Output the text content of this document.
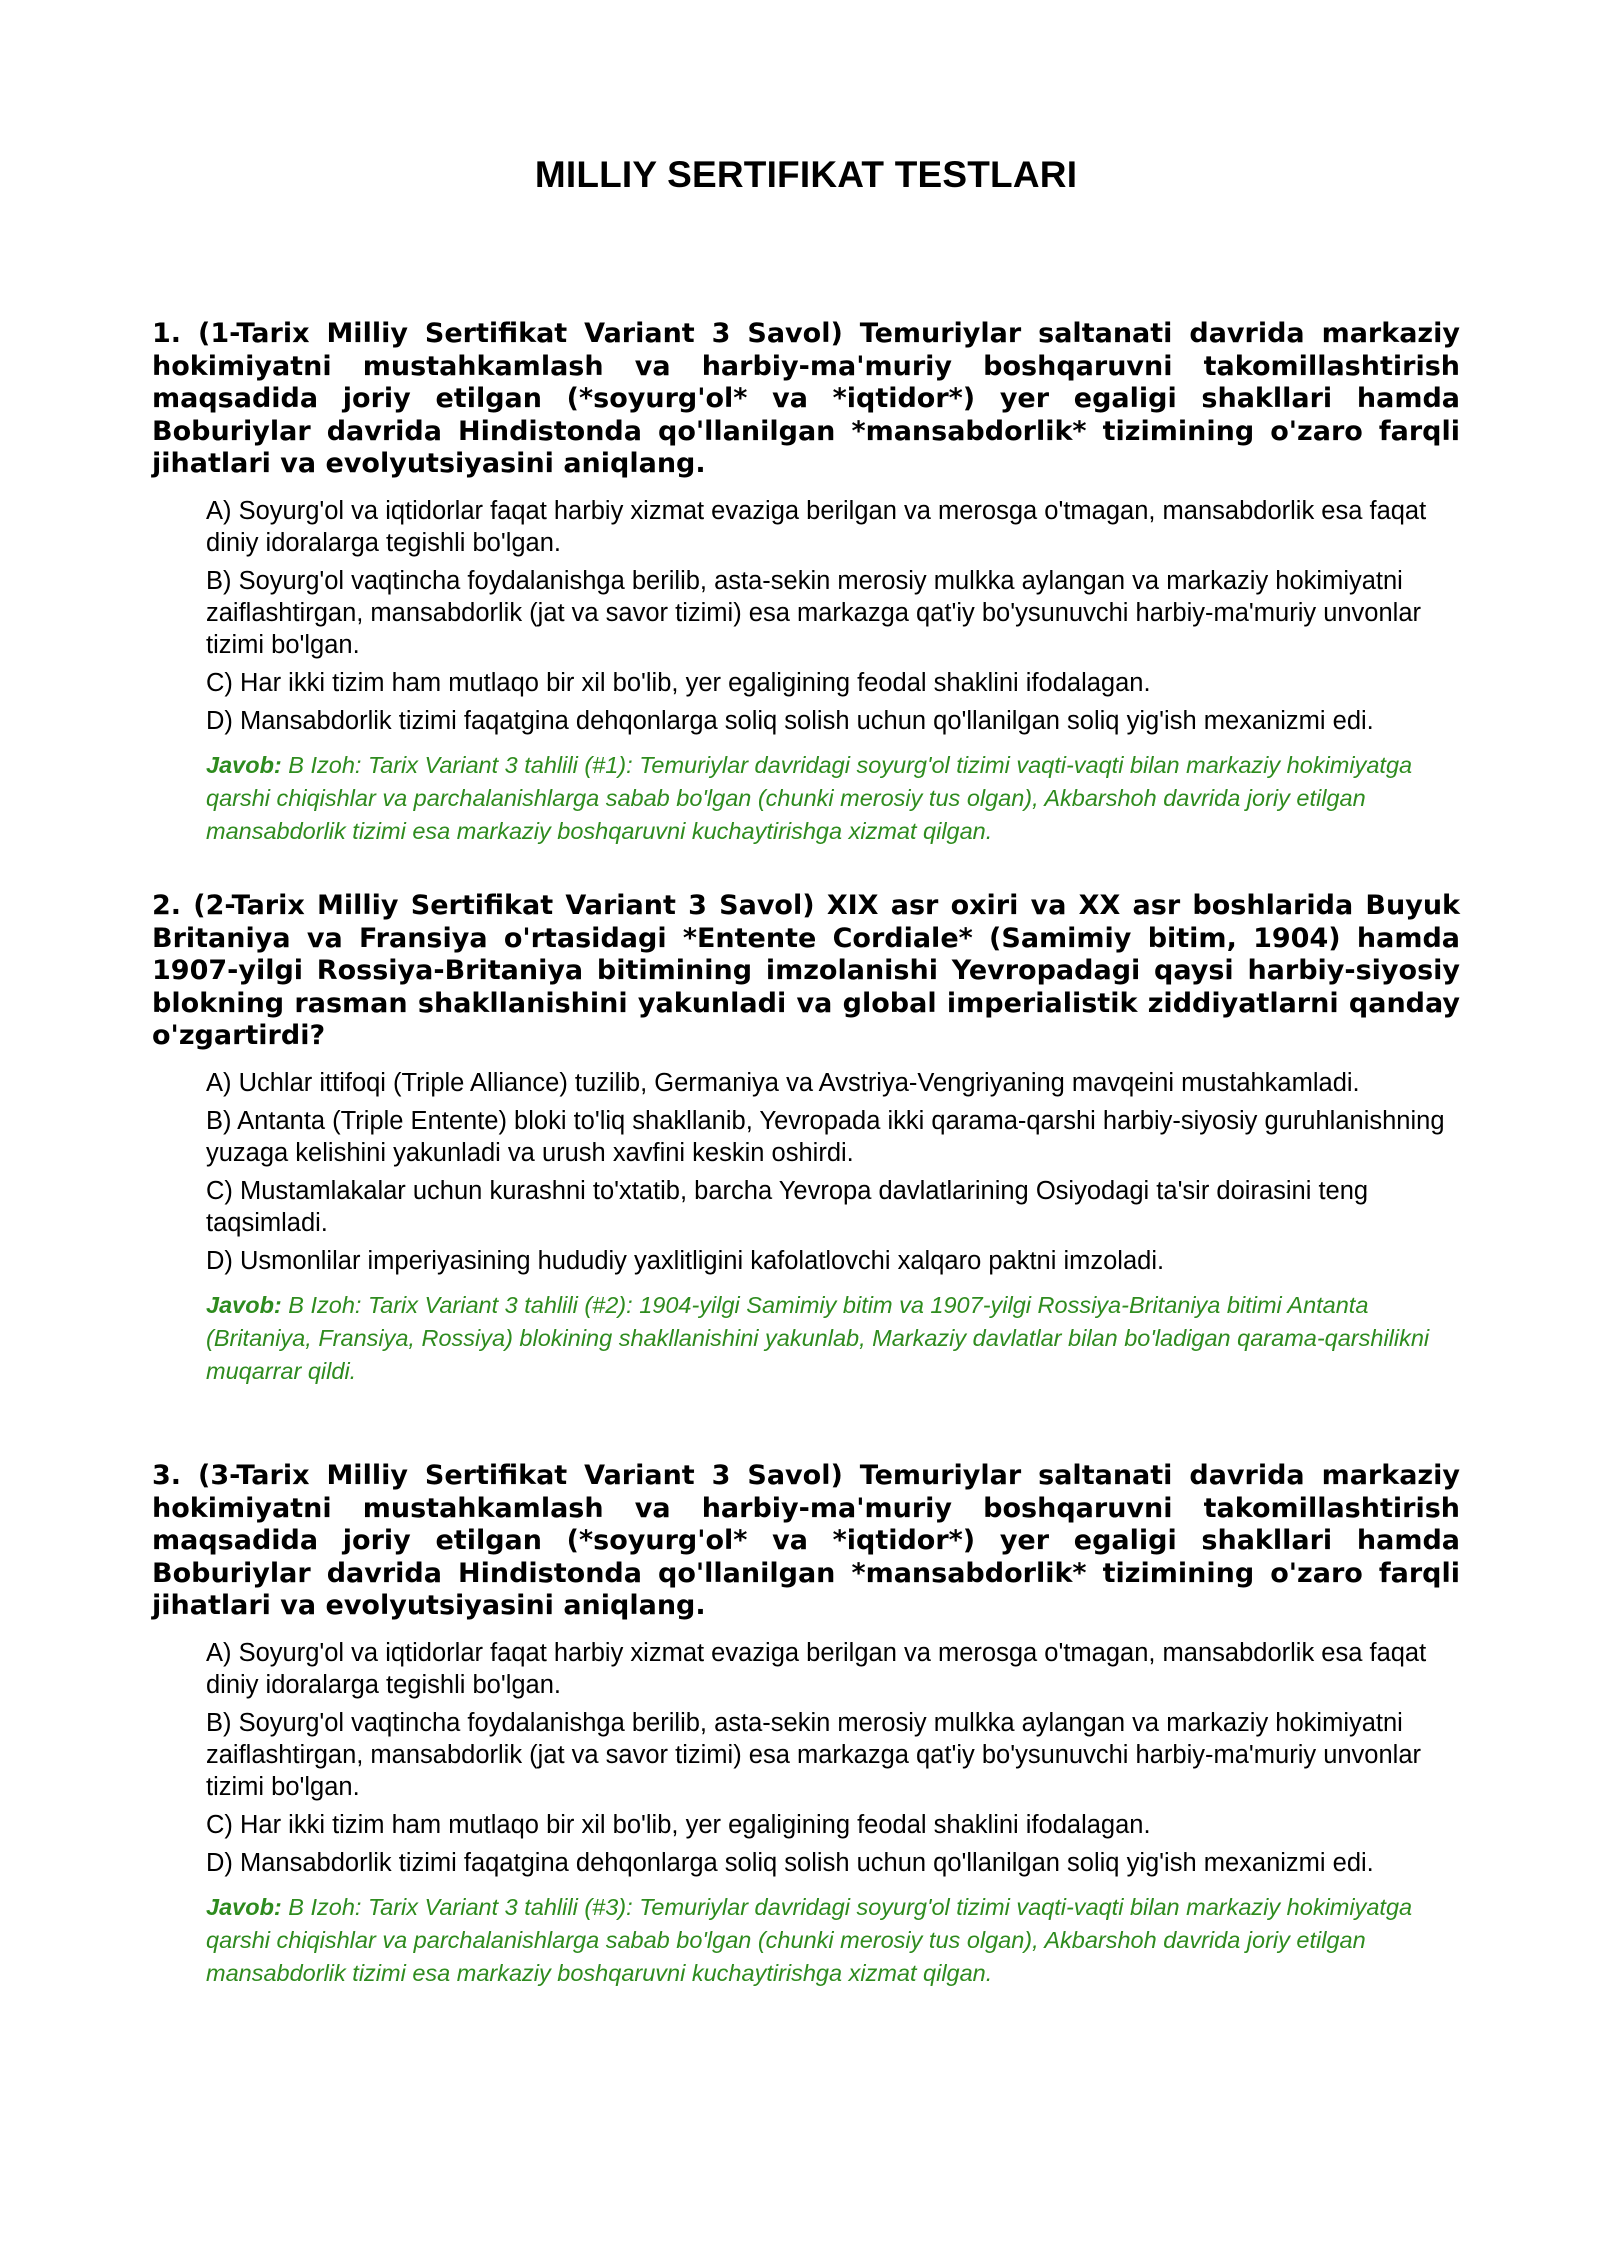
MILLIY SERTIFIKAT TESTLARI

1. (1-Tarix Milliy Sertifikat Variant 3 Savol) Temuriylar saltanati davrida markaziy hokimiyatni mustahkamlash va harbiy-ma'muriy boshqaruvni takomillashtirish maqsadida joriy etilgan (*soyurg'ol* va *iqtidor*) yer egaligi shakllari hamda Boburiylar davrida Hindistonda qo'llanilgan *mansabdorlik* tizimining o'zaro farqli jihatlari va evolyutsiyasini aniqlang.

A) Soyurg'ol va iqtidorlar faqat harbiy xizmat evaziga berilgan va merosga o'tmagan, mansabdorlik esa faqat diniy idoralarga tegishli bo'lgan.
B) Soyurg'ol vaqtincha foydalanishga berilib, asta-sekin merosiy mulkka aylangan va markaziy hokimiyatni zaiflashtirgan, mansabdorlik (jat va savor tizimi) esa markazga qat'iy bo'ysunuvchi harbiy-ma'muriy unvonlar tizimi bo'lgan.
C) Har ikki tizim ham mutlaqo bir xil bo'lib, yer egaligining feodal shaklini ifodalagan.
D) Mansabdorlik tizimi faqatgina dehqonlarga soliq solish uchun qo'llanilgan soliq yig'ish mexanizmi edi.
Javob: B Izoh: Tarix Variant 3 tahlili (#1): Temuriylar davridagi soyurg'ol tizimi vaqti-vaqti bilan markaziy hokimiyatga qarshi chiqishlar va parchalanishlarga sabab bo'lgan (chunki merosiy tus olgan), Akbarshoh davrida joriy etilgan mansabdorlik tizimi esa markaziy boshqaruvni kuchaytirishga xizmat qilgan.

2. (2-Tarix Milliy Sertifikat Variant 3 Savol) XIX asr oxiri va XX asr boshlarida Buyuk Britaniya va Fransiya o'rtasidagi *Entente Cordiale* (Samimiy bitim, 1904) hamda 1907-yilgi Rossiya-Britaniya bitimining imzolanishi Yevropadagi qaysi harbiy-siyosiy blokning rasman shakllanishini yakunladi va global imperialistik ziddiyatlarni qanday o'zgartirdi?

A) Uchlar ittifoqi (Triple Alliance) tuzilib, Germaniya va Avstriya-Vengriyaning mavqeini mustahkamladi.
B) Antanta (Triple Entente) bloki to'liq shakllanib, Yevropada ikki qarama-qarshi harbiy-siyosiy guruhlanishning yuzaga kelishini yakunladi va urush xavfini keskin oshirdi.
C) Mustamlakalar uchun kurashni to'xtatib, barcha Yevropa davlatlarining Osiyodagi ta'sir doirasini teng taqsimladi.
D) Usmonlilar imperiyasining hududiy yaxlitligini kafolatlovchi xalqaro paktni imzoladi.
Javob: B Izoh: Tarix Variant 3 tahlili (#2): 1904-yilgi Samimiy bitim va 1907-yilgi Rossiya-Britaniya bitimi Antanta (Britaniya, Fransiya, Rossiya) blokining shakllanishini yakunlab, Markaziy davlatlar bilan bo'ladigan qarama-qarshilikni muqarrar qildi.

3. (3-Tarix Milliy Sertifikat Variant 3 Savol) Temuriylar saltanati davrida markaziy hokimiyatni mustahkamlash va harbiy-ma'muriy boshqaruvni takomillashtirish maqsadida joriy etilgan (*soyurg'ol* va *iqtidor*) yer egaligi shakllari hamda Boburiylar davrida Hindistonda qo'llanilgan *mansabdorlik* tizimining o'zaro farqli jihatlari va evolyutsiyasini aniqlang.

A) Soyurg'ol va iqtidorlar faqat harbiy xizmat evaziga berilgan va merosga o'tmagan, mansabdorlik esa faqat diniy idoralarga tegishli bo'lgan.
B) Soyurg'ol vaqtincha foydalanishga berilib, asta-sekin merosiy mulkka aylangan va markaziy hokimiyatni zaiflashtirgan, mansabdorlik (jat va savor tizimi) esa markazga qat'iy bo'ysunuvchi harbiy-ma'muriy unvonlar tizimi bo'lgan.
C) Har ikki tizim ham mutlaqo bir xil bo'lib, yer egaligining feodal shaklini ifodalagan.
D) Mansabdorlik tizimi faqatgina dehqonlarga soliq solish uchun qo'llanilgan soliq yig'ish mexanizmi edi.
Javob: B Izoh: Tarix Variant 3 tahlili (#3): Temuriylar davridagi soyurg'ol tizimi vaqti-vaqti bilan markaziy hokimiyatga qarshi chiqishlar va parchalanishlarga sabab bo'lgan (chunki merosiy tus olgan), Akbarshoh davrida joriy etilgan mansabdorlik tizimi esa markaziy boshqaruvni kuchaytirishga xizmat qilgan.
